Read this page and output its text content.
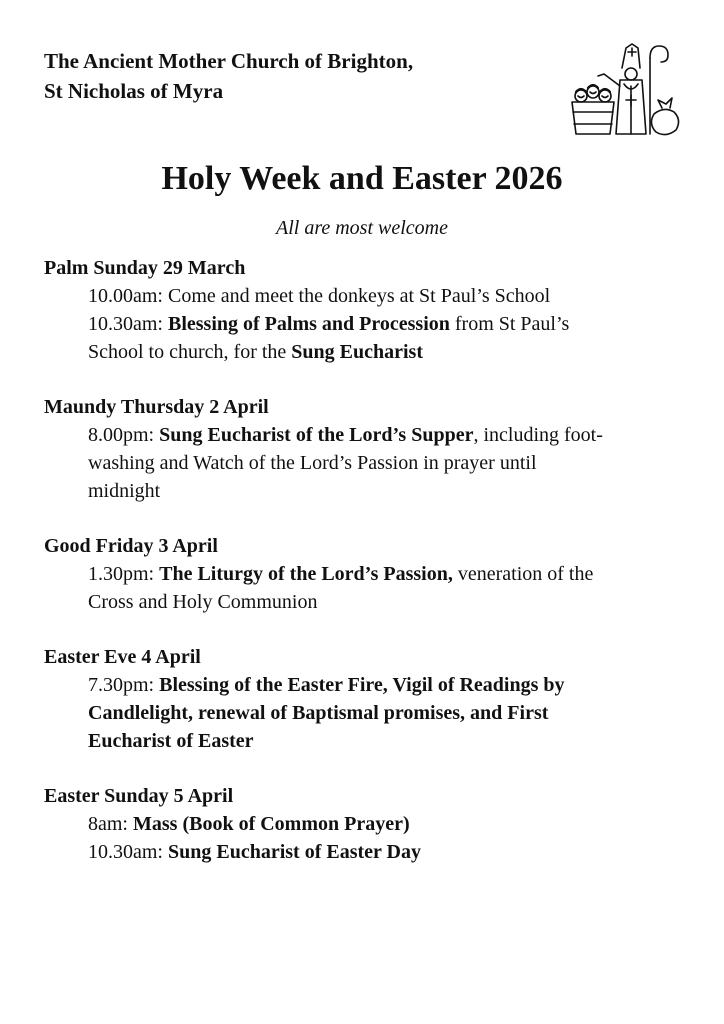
The Ancient Mother Church of Brighton,
St Nicholas of Myra
Holy Week and Easter 2026
All are most welcome
Palm Sunday 29 March
10.00am: Come and meet the donkeys at St Paul’s School
10.30am: Blessing of Palms and Procession from St Paul’s
School to church, for the Sung Eucharist
Maundy Thursday 2 April
8.00pm: Sung Eucharist of the Lord’s Supper, including foot-
washing and Watch of the Lord’s Passion in prayer until
midnight
Good Friday 3 April
1.30pm: The Liturgy of the Lord’s Passion, veneration of the
Cross and Holy Communion
Easter Eve 4 April
7.30pm: Blessing of the Easter Fire, Vigil of Readings by
Candlelight, renewal of Baptismal promises, and First
Eucharist of Easter
Easter Sunday 5 April
8am: Mass (Book of Common Prayer)
10.30am: Sung Eucharist of Easter Day
